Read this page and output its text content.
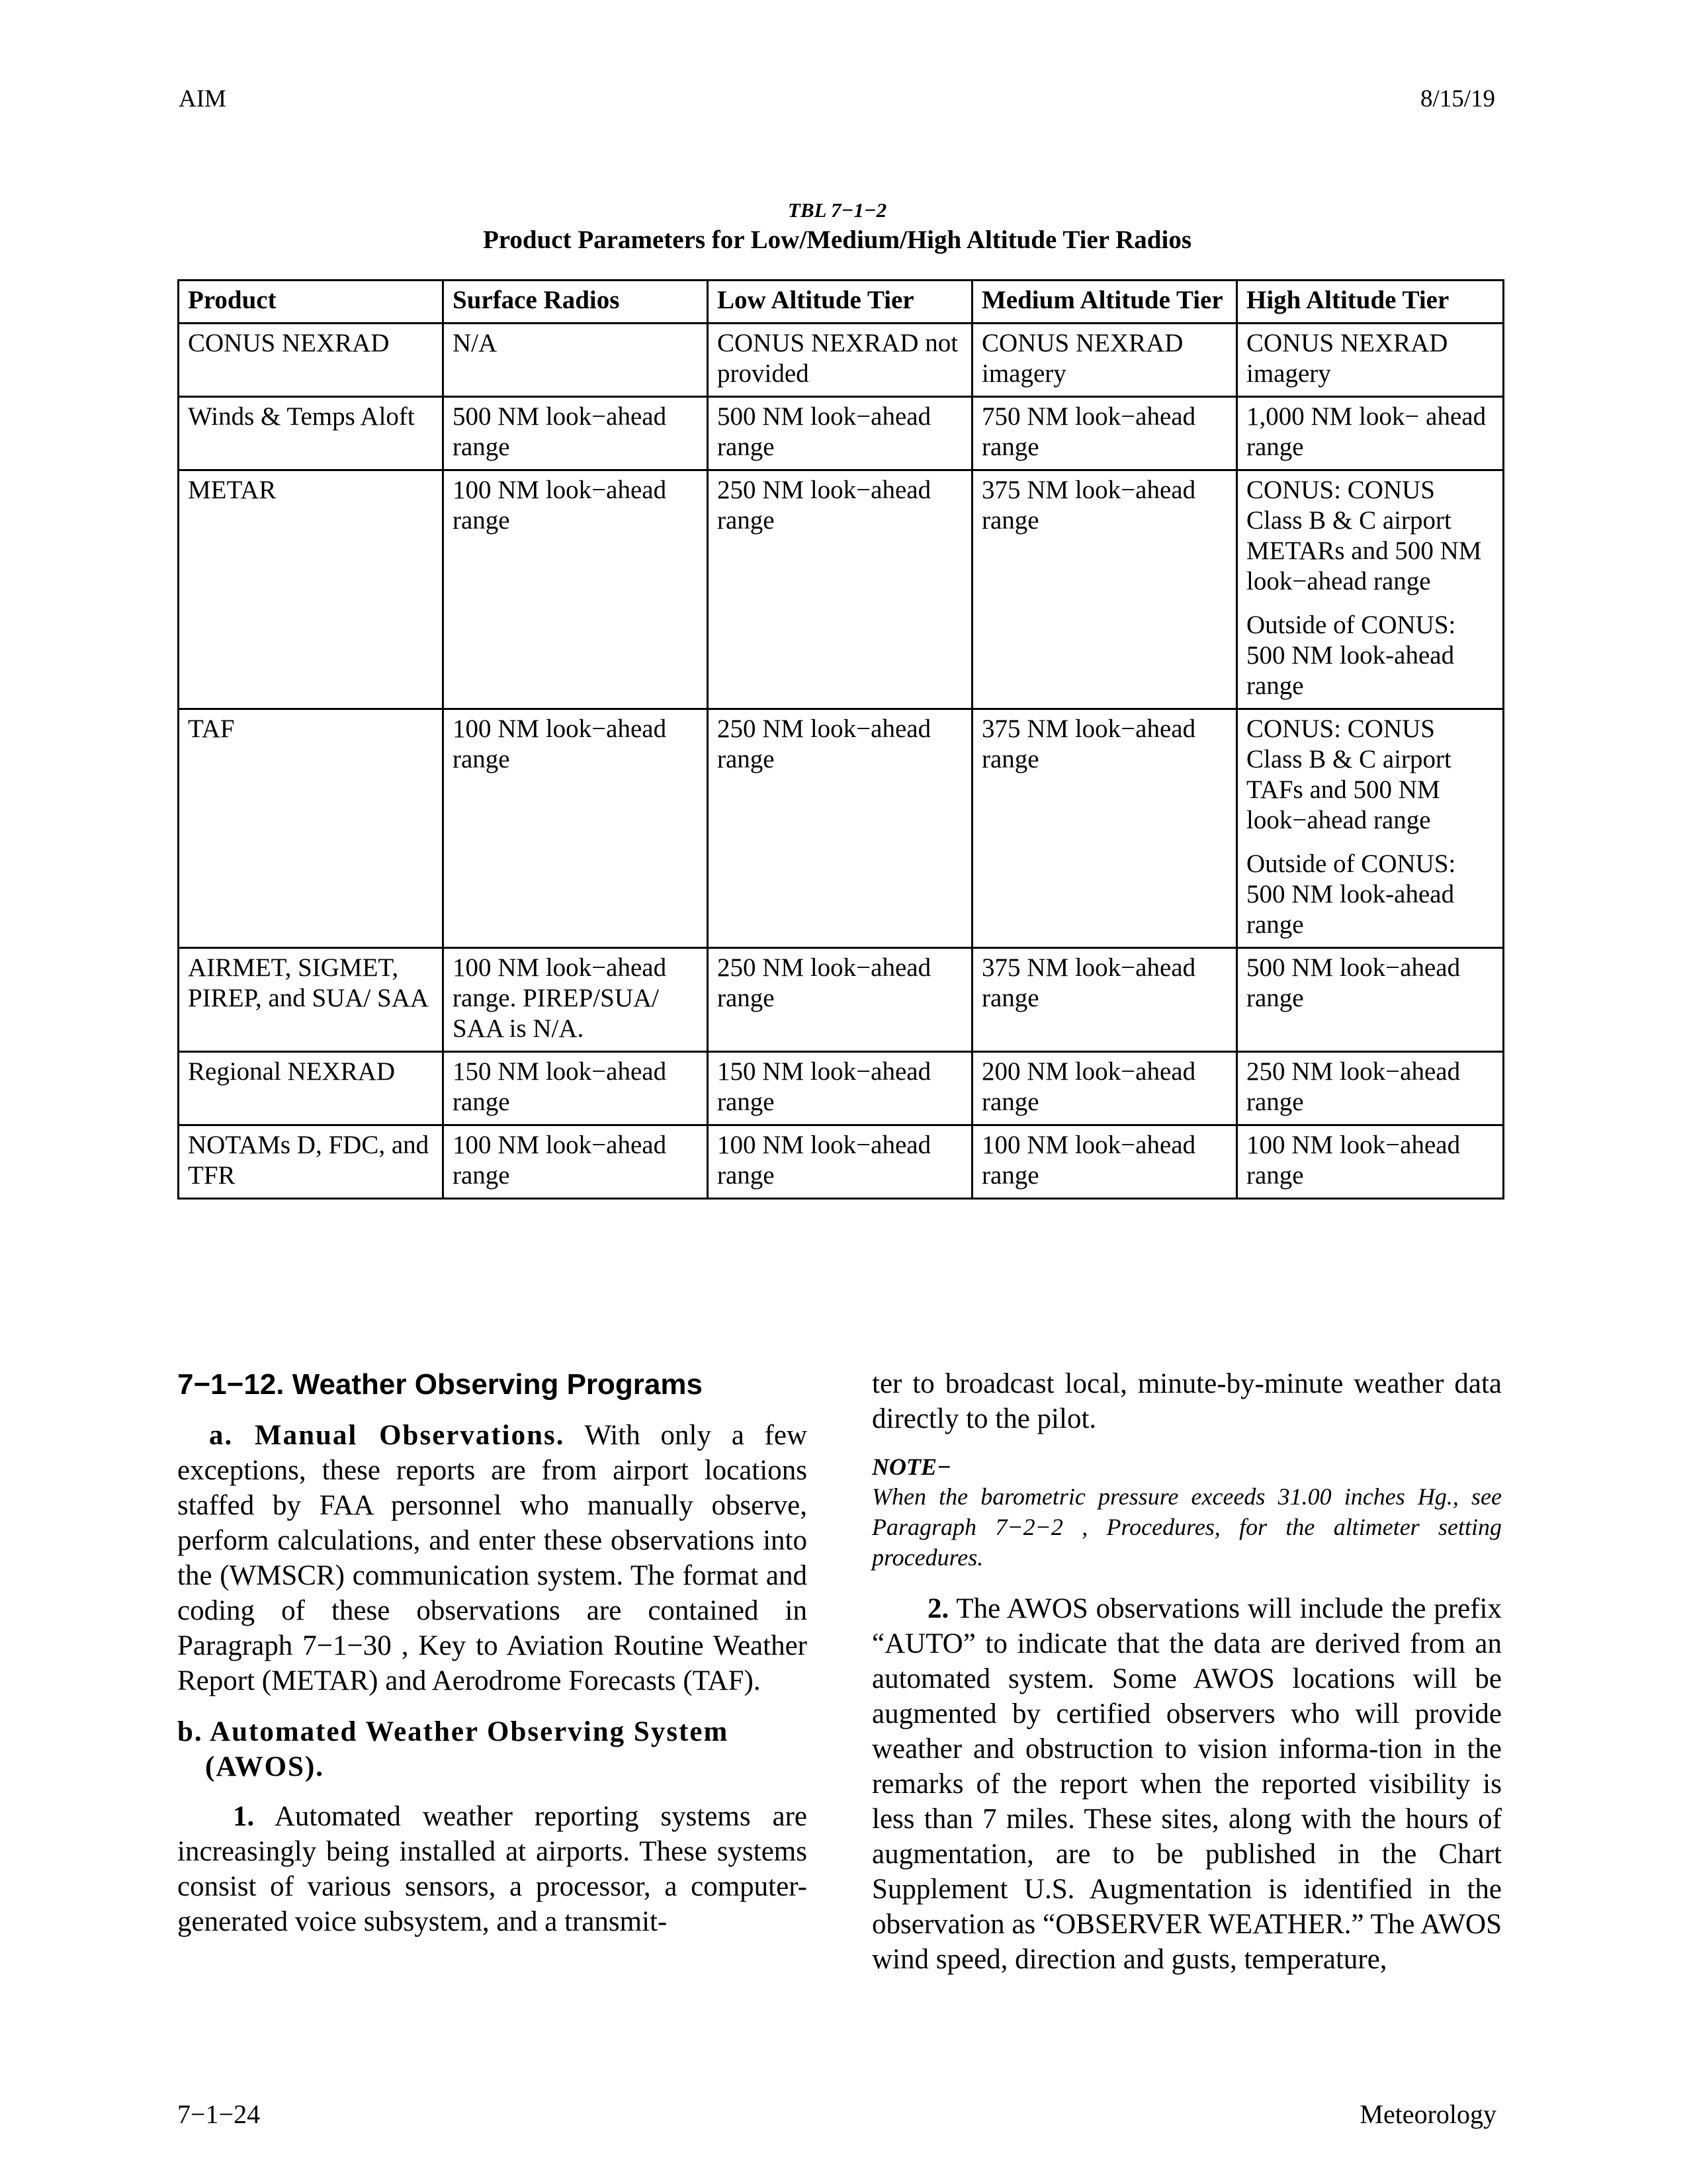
AIM	8/15/19
TBL 7−1−2
Product Parameters for Low/Medium/High Altitude Tier Radios
Product	Surface Radios	Low Altitude Tier	Medium Altitude Tier	High Altitude Tier

CONUS NEXRAD	N/A	CONUS NEXRAD not provided	CONUS NEXRAD imagery	CONUS NEXRAD imagery

Winds & Temps Aloft	500 NM look−ahead range	500 NM look−ahead range	750 NM look−ahead range	1,000 NM look− ahead range

METAR	100 NM look−ahead range	250 NM look−ahead range	375 NM look−ahead range	CONUS: CONUS Class B & C airport METARs and 500 NM look−ahead range
Outside of CONUS: 500 NM look-ahead range

TAF	100 NM look−ahead range	250 NM look−ahead range	375 NM look−ahead range	CONUS: CONUS Class B & C airport TAFs and 500 NM look−ahead range
Outside of CONUS: 500 NM look-ahead range

AIRMET, SIGMET, PIREP, and SUA/ SAA	100 NM look−ahead range. PIREP/SUA/ SAA is N/A.	250 NM look−ahead range	375 NM look−ahead range	500 NM look−ahead range

Regional NEXRAD	150 NM look−ahead range	150 NM look−ahead range	200 NM look−ahead range	250 NM look−ahead range

NOTAMs D, FDC, and TFR	100 NM look−ahead range	100 NM look−ahead range	100 NM look−ahead range	100 NM look−ahead range
7−1−12. Weather Observing Programs

a. Manual Observations. With only a few exceptions, these reports are from airport locations staffed by FAA personnel who manually observe, perform calculations, and enter these observations into the (WMSCR) communication system. The format and coding of these observations are contained in Paragraph 7−1−30 , Key to Aviation Routine Weather Report (METAR) and Aerodrome Forecasts (TAF).

b. Automated Weather Observing System (AWOS).

1. Automated weather reporting systems are increasingly being installed at airports. These systems consist of various sensors, a processor, a computer-generated voice subsystem, and a transmit-

ter to broadcast local, minute-by-minute weather data directly to the pilot.

NOTE−

When the barometric pressure exceeds 31.00 inches Hg., see Paragraph 7−2−2 , Procedures, for the altimeter setting procedures.

2. The AWOS observations will include the prefix “AUTO” to indicate that the data are derived from an automated system. Some AWOS locations will be augmented by certified observers who will provide weather and obstruction to vision informa-tion in the remarks of the report when the reported visibility is less than 7 miles. These sites, along with the hours of augmentation, are to be published in the Chart Supplement U.S. Augmentation is identified in the observation as “OBSERVER WEATHER.” The AWOS wind speed, direction and gusts, temperature,

7−1−24	Meteorology
